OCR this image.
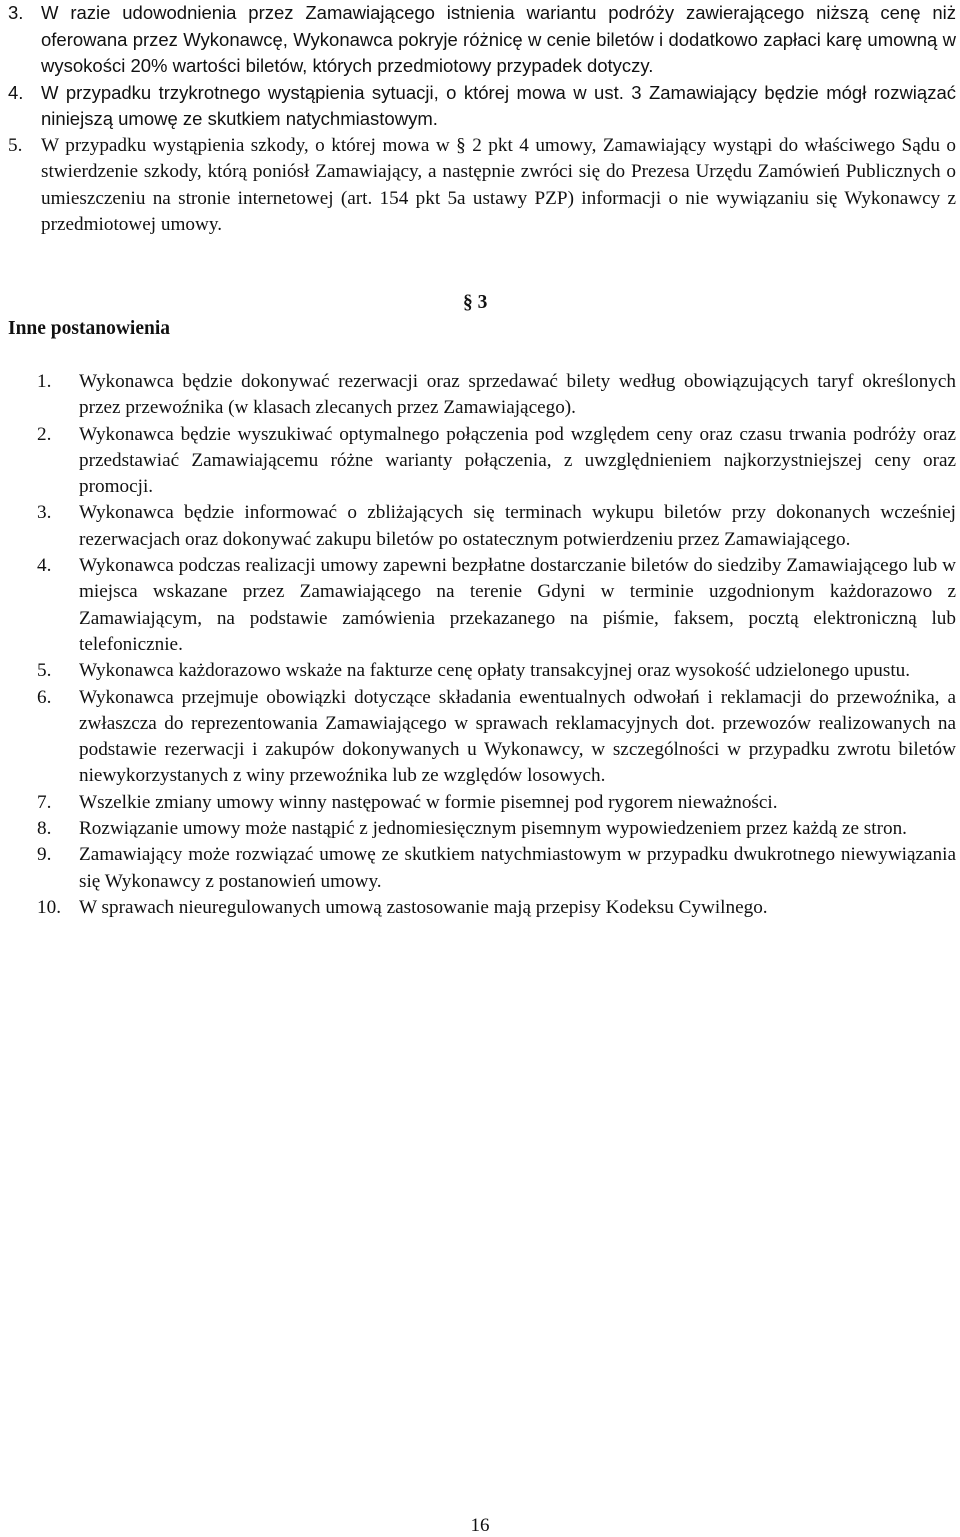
3. W razie udowodnienia przez Zamawiającego istnienia wariantu podróży zawierającego niższą cenę niż oferowana przez Wykonawcę, Wykonawca pokryje różnicę w cenie biletów i dodatkowo zapłaci karę umowną w wysokości 20% wartości biletów, których przedmiotowy przypadek dotyczy.
4. W przypadku trzykrotnego wystąpienia sytuacji, o której mowa w ust. 3 Zamawiający będzie mógł rozwiązać niniejszą umowę ze skutkiem natychmiastowym.
5. W przypadku wystąpienia szkody, o której mowa w § 2 pkt 4 umowy, Zamawiający wystąpi do właściwego Sądu o stwierdzenie szkody, którą poniósł Zamawiający, a następnie zwróci się do Prezesa Urzędu Zamówień Publicznych o umieszczeniu na stronie internetowej (art. 154 pkt 5a ustawy PZP) informacji o nie wywiązaniu się Wykonawcy z przedmiotowej umowy.
§ 3
Inne postanowienia
1. Wykonawca będzie dokonywać rezerwacji oraz sprzedawać bilety według obowiązujących taryf określonych przez przewoźnika (w klasach zlecanych przez Zamawiającego).
2. Wykonawca będzie wyszukiwać optymalnego połączenia pod względem ceny oraz czasu trwania podróży oraz przedstawiać Zamawiającemu różne warianty połączenia, z uwzględnieniem najkorzystniejszej ceny oraz promocji.
3. Wykonawca będzie informować o zbliżających się terminach wykupu biletów przy dokonanych wcześniej rezerwacjach oraz dokonywać zakupu biletów po ostatecznym potwierdzeniu przez Zamawiającego.
4. Wykonawca podczas realizacji umowy zapewni bezpłatne dostarczanie biletów do siedziby Zamawiającego lub w miejsca wskazane przez Zamawiającego na terenie Gdyni w terminie uzgodnionym każdorazowo z Zamawiającym, na podstawie zamówienia przekazanego na piśmie, faksem, pocztą elektroniczną lub telefonicznie.
5. Wykonawca każdorazowo wskaże na fakturze cenę opłaty transakcyjnej oraz wysokość udzielonego upustu.
6. Wykonawca przejmuje obowiązki dotyczące składania ewentualnych odwołań i reklamacji do przewoźnika, a zwłaszcza do reprezentowania Zamawiającego w sprawach reklamacyjnych dot. przewozów realizowanych na podstawie rezerwacji i zakupów dokonywanych u Wykonawcy, w szczególności w przypadku zwrotu biletów niewykorzystanych z winy przewoźnika lub ze względów losowych.
7. Wszelkie zmiany umowy winny następować w formie pisemnej pod rygorem nieważności.
8. Rozwiązanie umowy może nastąpić z jednomiesięcznym pisemnym wypowiedzeniem przez każdą ze stron.
9. Zamawiający może rozwiązać umowę ze skutkiem natychmiastowym w przypadku dwukrotnego niewywiązania się Wykonawcy z postanowień umowy.
10. W sprawach nieuregulowanych umową zastosowanie mają przepisy Kodeksu Cywilnego.
16
